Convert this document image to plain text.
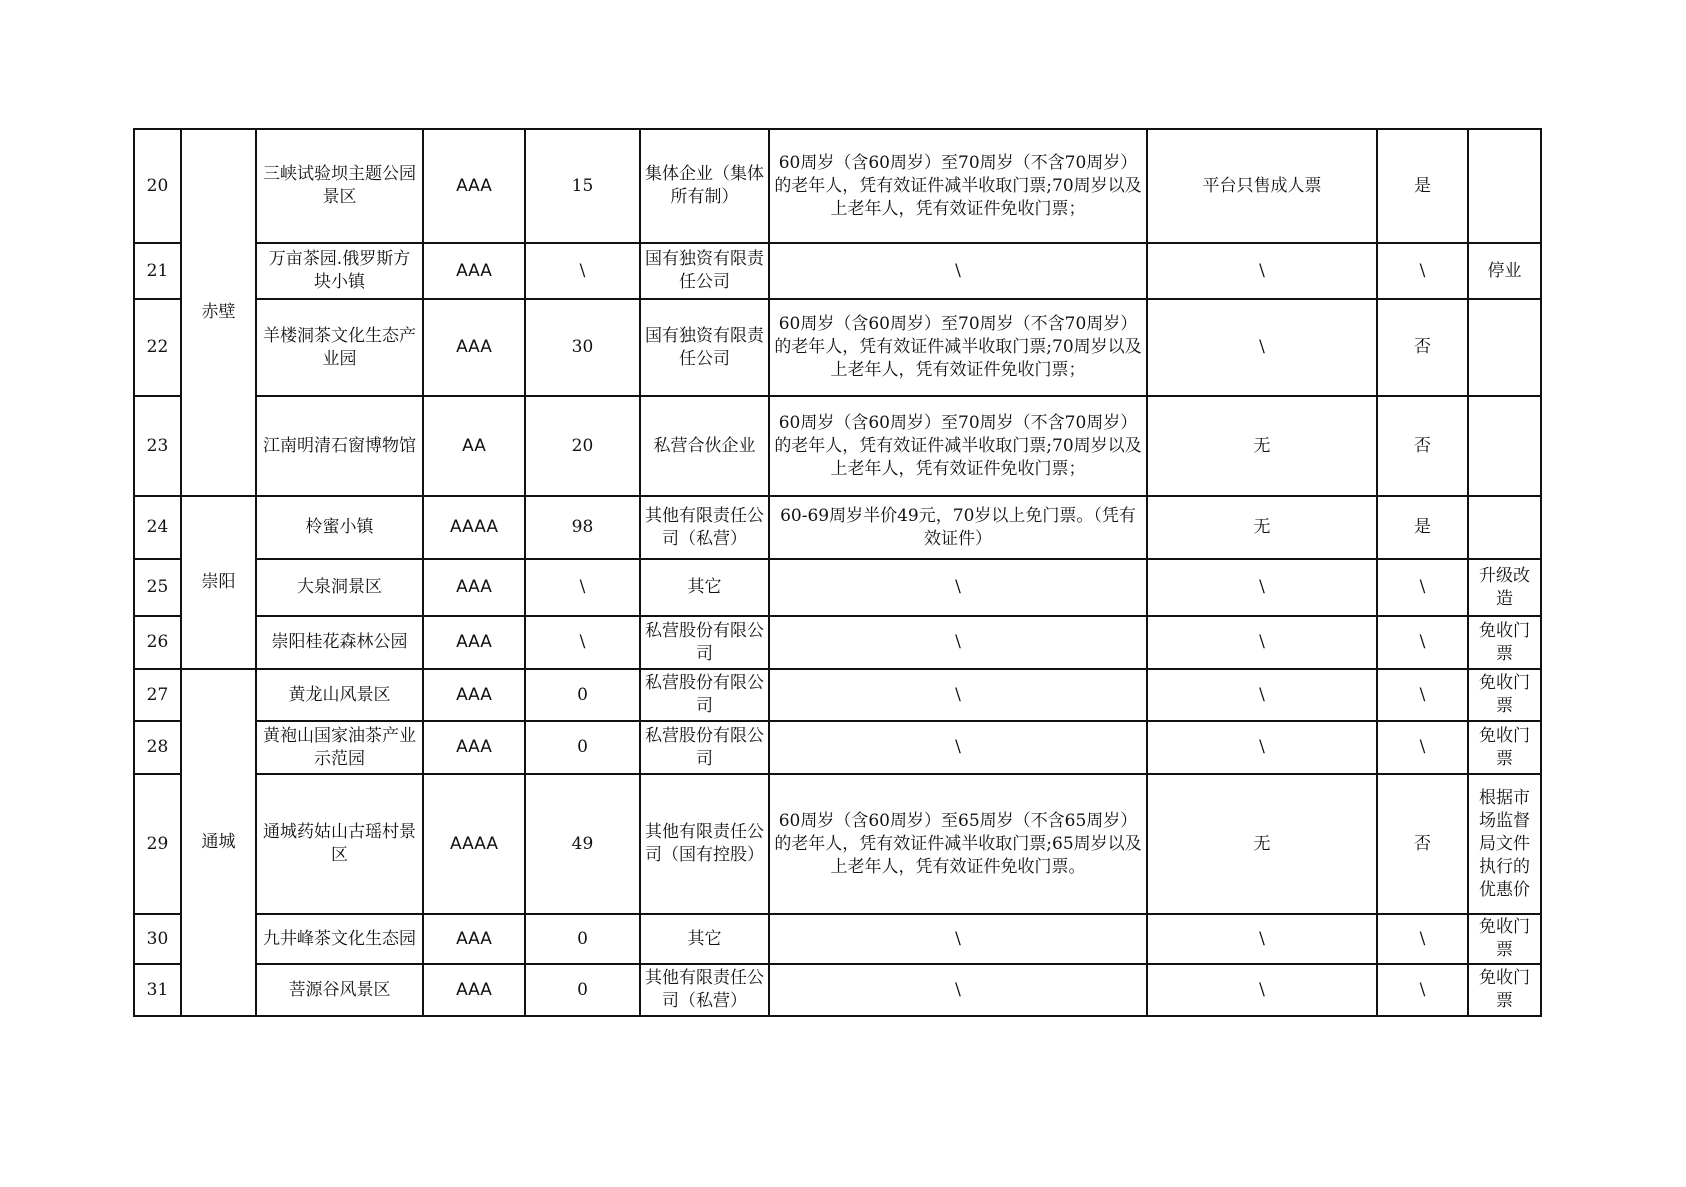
20	赤壁	三峡试验坝主题公园景区	AAA	15	集体企业（集体所有制）	60周岁（含60周岁）至70周岁（不含70周岁）的老年人，凭有效证件减半收取门票;70周岁以及上老年人，凭有效证件免收门票；	平台只售成人票	是	
21		万亩茶园.俄罗斯方块小镇	AAA	\	国有独资有限责任公司	\	\	\	停业
22		羊楼洞茶文化生态产业园	AAA	30	国有独资有限责任公司	60周岁（含60周岁）至70周岁（不含70周岁）的老年人，凭有效证件减半收取门票;70周岁以及上老年人，凭有效证件免收门票；	\	否	
23		江南明清石窗博物馆	AA	20	私营合伙企业	60周岁（含60周岁）至70周岁（不含70周岁）的老年人，凭有效证件减半收取门票;70周岁以及上老年人，凭有效证件免收门票；	无	否	
24	崇阳	柃蜜小镇	AAAA	98	其他有限责任公司（私营）	60-69周岁半价49元，70岁以上免门票。（凭有效证件）	无	是	
25		大泉洞景区	AAA	\	其它	\	\	\	升级改造
26		崇阳桂花森林公园	AAA	\	私营股份有限公司	\	\	\	免收门票
27	通城	黄龙山风景区	AAA	0	私营股份有限公司	\	\	\	免收门票
28		黄袍山国家油茶产业示范园	AAA	0	私营股份有限公司	\	\	\	免收门票
29		通城药姑山古瑶村景区	AAAA	49	其他有限责任公司（国有控股）	60周岁（含60周岁）至65周岁（不含65周岁）的老年人，凭有效证件减半收取门票;65周岁以及上老年人，凭有效证件免收门票。	无	否	根据市场监督局文件执行的优惠价
30		九井峰茶文化生态园	AAA	0	其它	\	\	\	免收门票
31		菩源谷风景区	AAA	0	其他有限责任公司（私营）	\	\	\	免收门票
